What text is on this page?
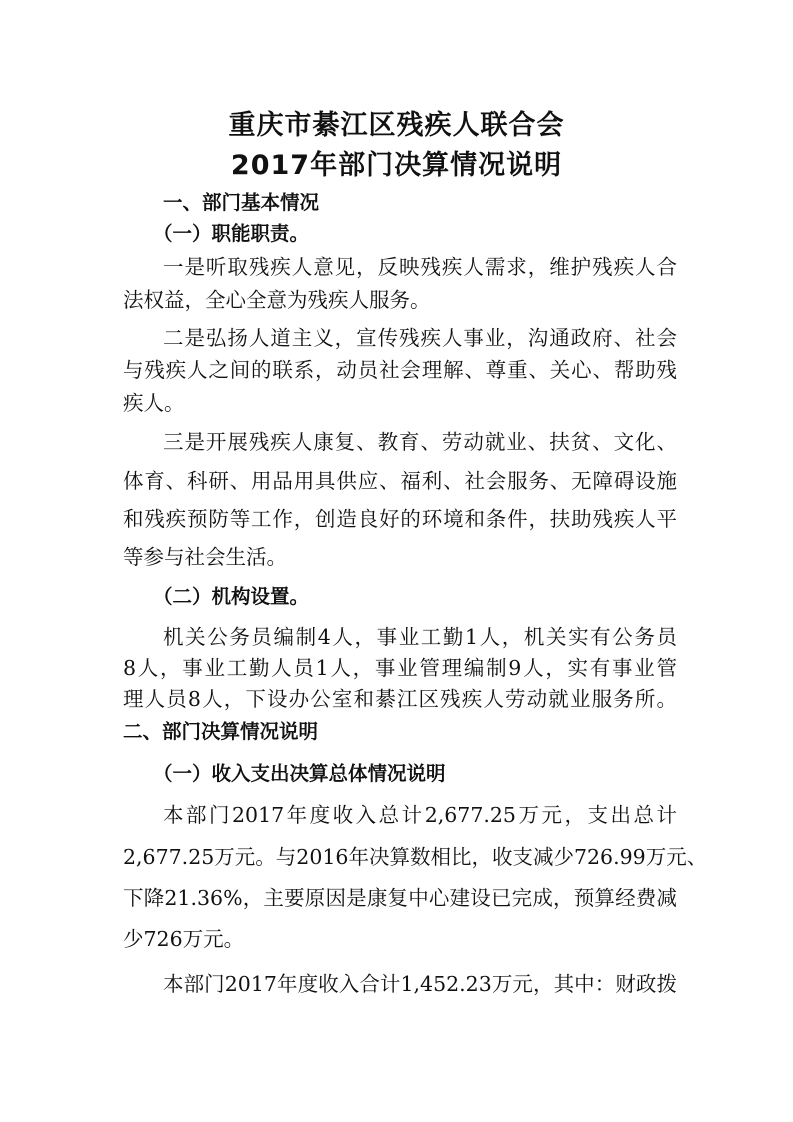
重庆市綦江区残疾人联合会
2017年部门决算情况说明
一、部门基本情况
（一）职能职责。
一是听取残疾人意见，反映残疾人需求，维护残疾人合
法权益，全心全意为残疾人服务。
二是弘扬人道主义，宣传残疾人事业，沟通政府、社会
与残疾人之间的联系，动员社会理解、尊重、关心、帮助残
疾人。
三是开展残疾人康复、教育、劳动就业、扶贫、文化、
体育、科研、用品用具供应、福利、社会服务、无障碍设施
和残疾预防等工作，创造良好的环境和条件，扶助残疾人平
等参与社会生活。
（二）机构设置。
机关公务员编制4人，事业工勤1人，机关实有公务员
8人，事业工勤人员1人，事业管理编制9人，实有事业管
理人员8人，下设办公室和綦江区残疾人劳动就业服务所。
二、部门决算情况说明
（一）收入支出决算总体情况说明
本部门2017年度收入总计2,677.25万元，支出总计
2,677.25万元。与2016年决算数相比，收支减少726.99万元、
下降21.36%，主要原因是康复中心建设已完成，预算经费减
少726万元。
本部门2017年度收入合计1,452.23万元，其中：财政拨
